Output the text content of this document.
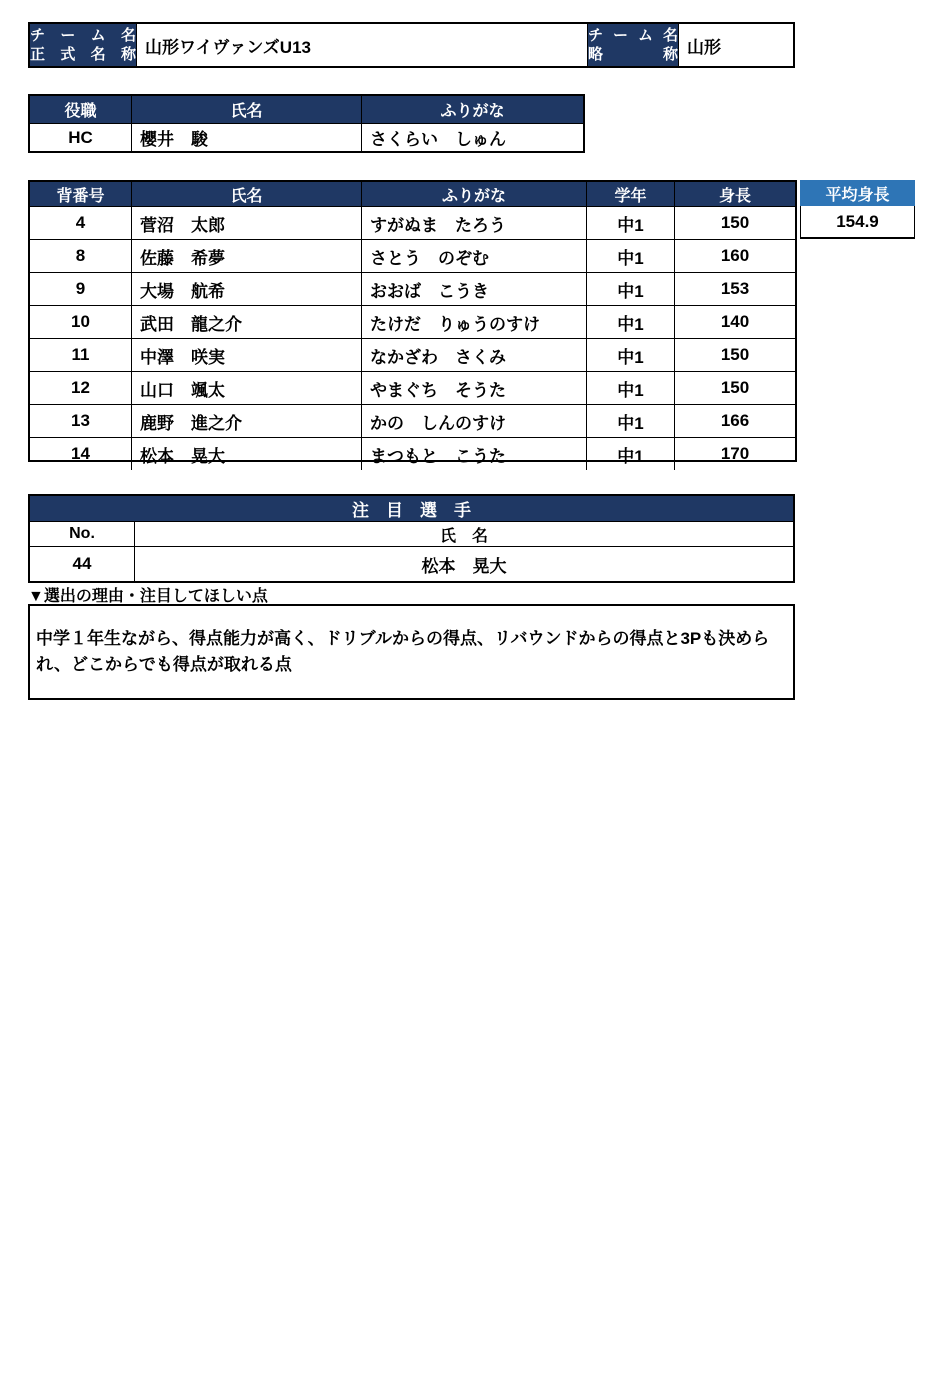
チーム名
正式名称 山形ワイヴァンズU13
チーム名
略　称 山形
役職	氏名	ふりがな
HC	櫻井　駿	さくらい　しゅん
背番号	氏名	ふりがな	学年	身長
4	菅沼　太郎	すがぬま　たろう	中1	150
8	佐藤　希夢	さとう　のぞむ	中1	160
9	大場　航希	おおば　こうき	中1	153
10	武田　龍之介	たけだ　りゅうのすけ	中1	140
11	中澤　咲実	なかざわ　さくみ	中1	150
12	山口　颯太	やまぐち　そうた	中1	150
13	鹿野　進之介	かの　しんのすけ	中1	166
14	松本　晃大	まつもと　こうた	中1	170
平均身長
154.9
注　目　選　手
No.	氏　名
44	松本　晃大
▼選出の理由・注目してほしい点
中学１年生ながら、得点能力が高く、ドリブルからの得点、リバウンドからの得点と3Pも決められ、どこからでも得点が取れる点
